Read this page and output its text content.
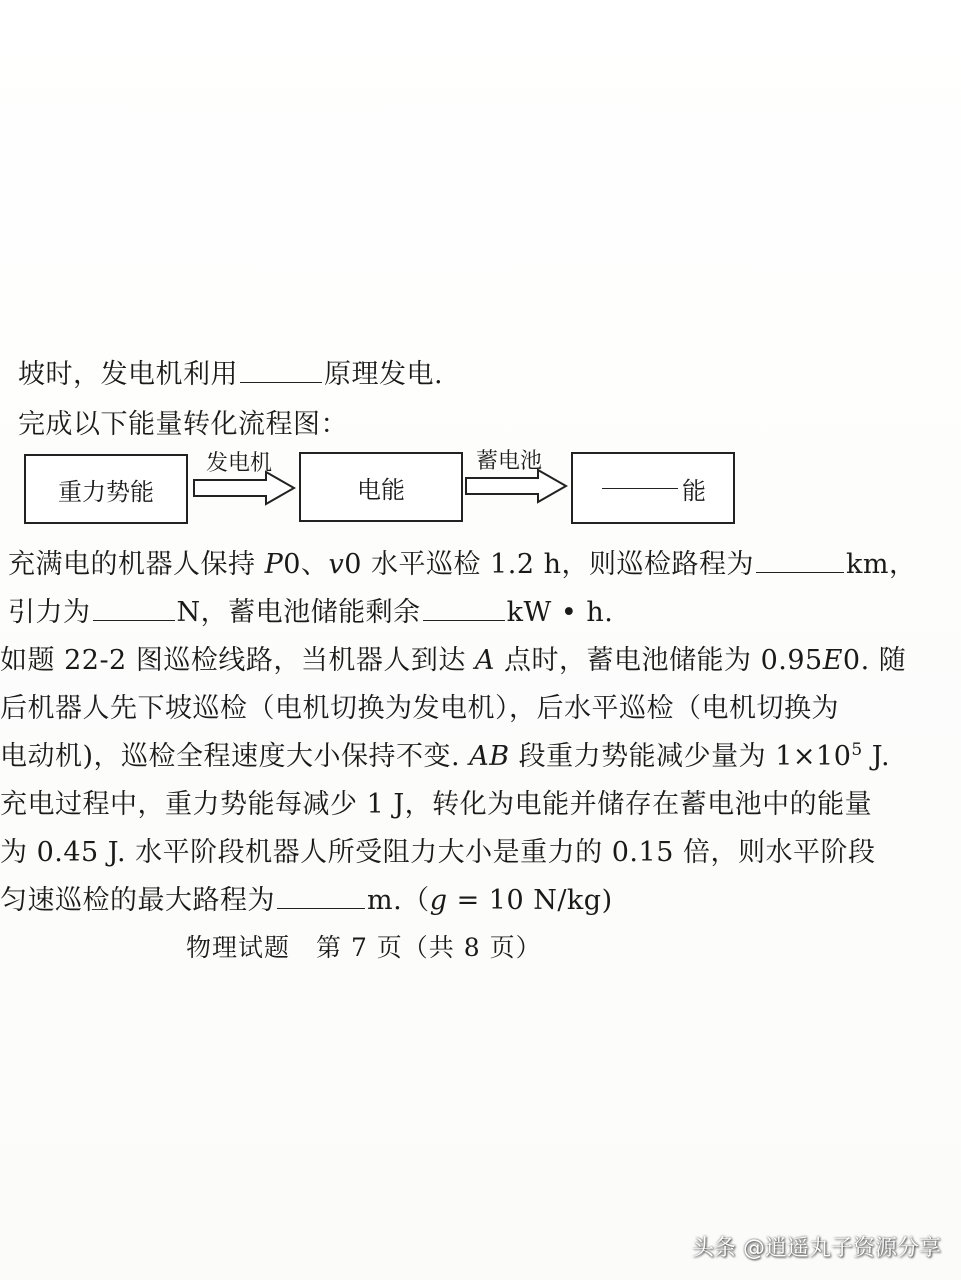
坡时，发电机利用	原理发电.
完成以下能量转化流程图：
重力势能
发电机
电能
蓄电池
能
充满电的机器人保持 P0、v0 水平巡检 1.2 h，则巡检路程为	km，
引力为	N，蓄电池储能剩余	kW • h.
如题 22-2 图巡检线路，当机器人到达 A 点时，蓄电池储能为 0.95E0. 随
后机器人先下坡巡检（电机切换为发电机），后水平巡检（电机切换为
电动机)，巡检全程速度大小保持不变. AB 段重力势能减少量为 $1\times 10^5$ J.
充电过程中，重力势能每减少 1 J，转化为电能并储存在蓄电池中的能量
为 0.45 J. 水平阶段机器人所受阻力大小是重力的 0.15 倍，则水平阶段
匀速巡检的最大路程为	m.（g = 10 N/kg)
物理试题　第 7 页（共 8 页）
头条 @逍遥丸子资源分享
